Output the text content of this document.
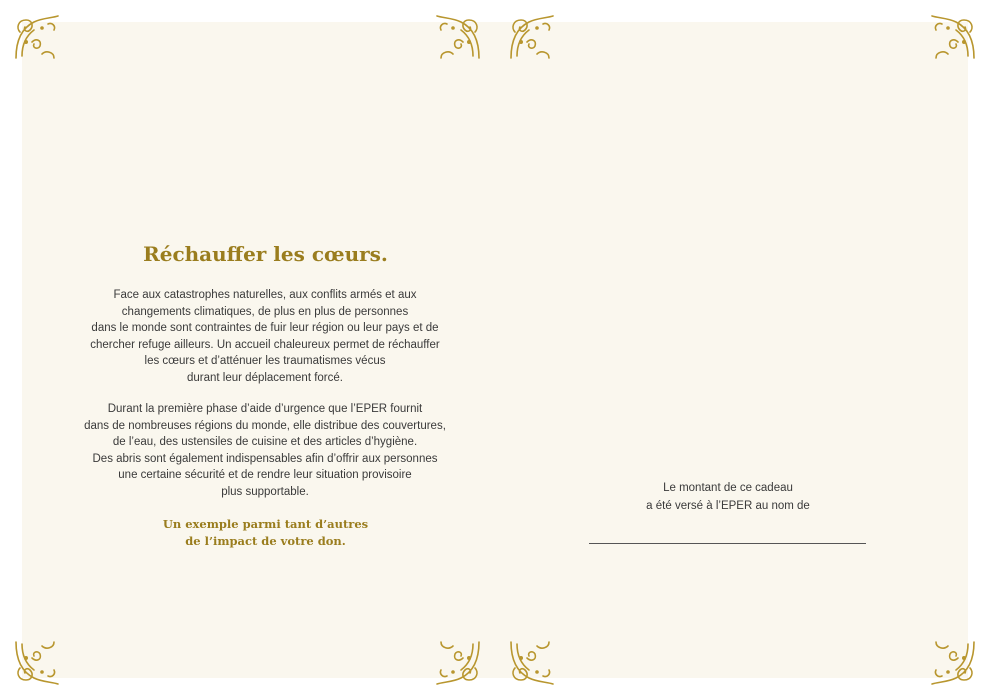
Réchauffer les cœurs.

Face aux catastrophes naturelles, aux conflits armés et aux
changements climatiques, de plus en plus de personnes
dans le monde sont contraintes de fuir leur région ou leur pays et de
chercher refuge ailleurs. Un accueil chaleureux permet de réchauffer
les cœurs et d’atténuer les traumatismes vécus
durant leur déplacement forcé.

Durant la première phase d’aide d’urgence que l’EPER fournit
dans de nombreuses régions du monde, elle distribue des couvertures,
de l’eau, des ustensiles de cuisine et des articles d’hygiène.
Des abris sont également indispensables afin d’offrir aux personnes
une certaine sécurité et de rendre leur situation provisoire
plus supportable.

Un exemple parmi tant d’autres
de l’impact de votre don.

Le montant de ce cadeau
a été versé à l’EPER au nom de
